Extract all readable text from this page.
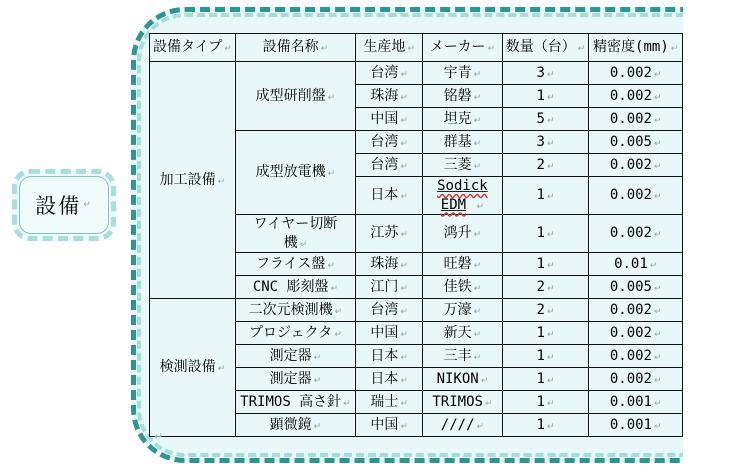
設備タイプ ↵	設備名称 ↵	生産地 ↵	メーカー ↵	数量（台） ↵	精密度(mm) ↵
加工設備 ↵	成型研削盤 ↵	台湾 ↵	宇青 ↵	3 ↵	0.002 ↵
		珠海 ↵	铭磐 ↵	1 ↵	0.002 ↵
		中国 ↵	坦克 ↵	5 ↵	0.002 ↵
	成型放電機 ↵	台湾 ↵	群基 ↵	3 ↵	0.005 ↵
		台湾 ↵	三菱 ↵	2 ↵	0.002 ↵
		日本 ↵	Sodick
EDM ↵	1 ↵	0.002 ↵
	ワイヤー切断
機 ↵	江苏 ↵	鸿升 ↵	1 ↵	0.002 ↵
	フライス盤 ↵	珠海 ↵	旺磐 ↵	1 ↵	0.01 ↵
	CNC 彫刻盤 ↵	江门 ↵	佳铁 ↵	2 ↵	0.005 ↵
検測設備 ↵	二次元検測機 ↵	台湾 ↵	万濠 ↵	2 ↵	0.002 ↵
	プロジェクタ ↵	中国 ↵	新天 ↵	1 ↵	0.002 ↵
	測定器 ↵	日本 ↵	三丰 ↵	1 ↵	0.002 ↵
	測定器 ↵	日本 ↵	NIKON ↵	1 ↵	0.002 ↵
	TRIMOS 高さ針 ↵	瑞士 ↵	TRIMOS ↵	1 ↵	0.001 ↵
	顕微鏡 ↵	中国 ↵	//// ↵	1 ↵	0.001 ↵
↵
設備 ↵
